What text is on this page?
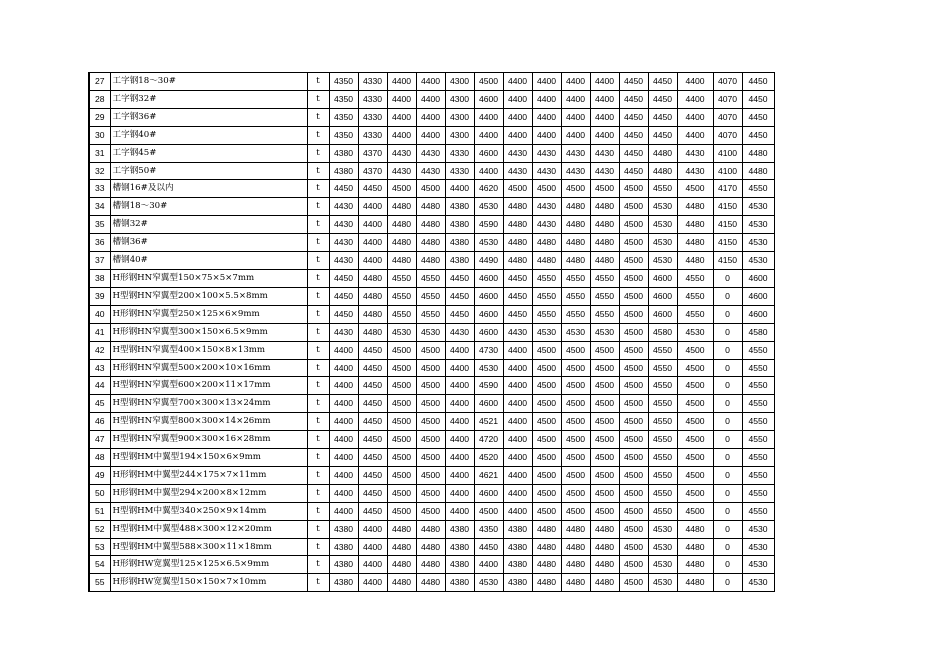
27	工字钢18～30#	t	4350	4330	4400	4400	4300	4500	4400	4400	4400	4400	4450	4450	4400	4070	4450
28	工字钢32#	t	4350	4330	4400	4400	4300	4600	4400	4400	4400	4400	4450	4450	4400	4070	4450
29	工字钢36#	t	4350	4330	4400	4400	4300	4400	4400	4400	4400	4400	4450	4450	4400	4070	4450
30	工字钢40#	t	4350	4330	4400	4400	4300	4400	4400	4400	4400	4400	4450	4450	4400	4070	4450
31	工字钢45#	t	4380	4370	4430	4430	4330	4600	4430	4430	4430	4430	4450	4480	4430	4100	4480
32	工字钢50#	t	4380	4370	4430	4430	4330	4400	4430	4430	4430	4430	4450	4480	4430	4100	4480
33	槽钢16#及以内	t	4450	4450	4500	4500	4400	4620	4500	4500	4500	4500	4500	4550	4500	4170	4550
34	槽钢18～30#	t	4430	4400	4480	4480	4380	4530	4480	4430	4480	4480	4500	4530	4480	4150	4530
35	槽钢32#	t	4430	4400	4480	4480	4380	4590	4480	4430	4480	4480	4500	4530	4480	4150	4530
36	槽钢36#	t	4430	4400	4480	4480	4380	4530	4480	4480	4480	4480	4500	4530	4480	4150	4530
37	槽钢40#	t	4430	4400	4480	4480	4380	4490	4480	4480	4480	4480	4500	4530	4480	4150	4530
38	H形钢HN窄翼型150×75×5×7mm	t	4450	4480	4550	4550	4450	4600	4450	4550	4550	4550	4500	4600	4550	0	4600
39	H型钢HN窄翼型200×100×5.5×8mm	t	4450	4480	4550	4550	4450	4600	4450	4550	4550	4550	4500	4600	4550	0	4600
40	H形钢HN窄翼型250×125×6×9mm	t	4450	4480	4550	4550	4450	4600	4450	4550	4550	4550	4500	4600	4550	0	4600
41	H形钢HN窄翼型300×150×6.5×9mm	t	4430	4480	4530	4530	4430	4600	4430	4530	4530	4530	4500	4580	4530	0	4580
42	H型钢HN窄翼型400×150×8×13mm	t	4400	4450	4500	4500	4400	4730	4400	4500	4500	4500	4500	4550	4500	0	4550
43	H形钢HN窄翼型500×200×10×16mm	t	4400	4450	4500	4500	4400	4530	4400	4500	4500	4500	4500	4550	4500	0	4550
44	H型钢HN窄翼型600×200×11×17mm	t	4400	4450	4500	4500	4400	4590	4400	4500	4500	4500	4500	4550	4500	0	4550
45	H型钢HN窄翼型700×300×13×24mm	t	4400	4450	4500	4500	4400	4600	4400	4500	4500	4500	4500	4550	4500	0	4550
46	H型钢HN窄翼型800×300×14×26mm	t	4400	4450	4500	4500	4400	4521	4400	4500	4500	4500	4500	4550	4500	0	4550
47	H型钢HN窄翼型900×300×16×28mm	t	4400	4450	4500	4500	4400	4720	4400	4500	4500	4500	4500	4550	4500	0	4550
48	H型钢HM中翼型194×150×6×9mm	t	4400	4450	4500	4500	4400	4520	4400	4500	4500	4500	4500	4550	4500	0	4550
49	H形钢HM中翼型244×175×7×11mm	t	4400	4450	4500	4500	4400	4621	4400	4500	4500	4500	4500	4550	4500	0	4550
50	H形钢HM中翼型294×200×8×12mm	t	4400	4450	4500	4500	4400	4600	4400	4500	4500	4500	4500	4550	4500	0	4550
51	H型钢HM中翼型340×250×9×14mm	t	4400	4450	4500	4500	4400	4500	4400	4500	4500	4500	4500	4550	4500	0	4550
52	H型钢HM中翼型488×300×12×20mm	t	4380	4400	4480	4480	4380	4350	4380	4480	4480	4480	4500	4530	4480	0	4530
53	H型钢HM中翼型588×300×11×18mm	t	4380	4400	4480	4480	4380	4450	4380	4480	4480	4480	4500	4530	4480	0	4530
54	H形钢HW宽翼型125×125×6.5×9mm	t	4380	4400	4480	4480	4380	4400	4380	4480	4480	4480	4500	4530	4480	0	4530
55	H形钢HW宽翼型150×150×7×10mm	t	4380	4400	4480	4480	4380	4530	4380	4480	4480	4480	4500	4530	4480	0	4530
